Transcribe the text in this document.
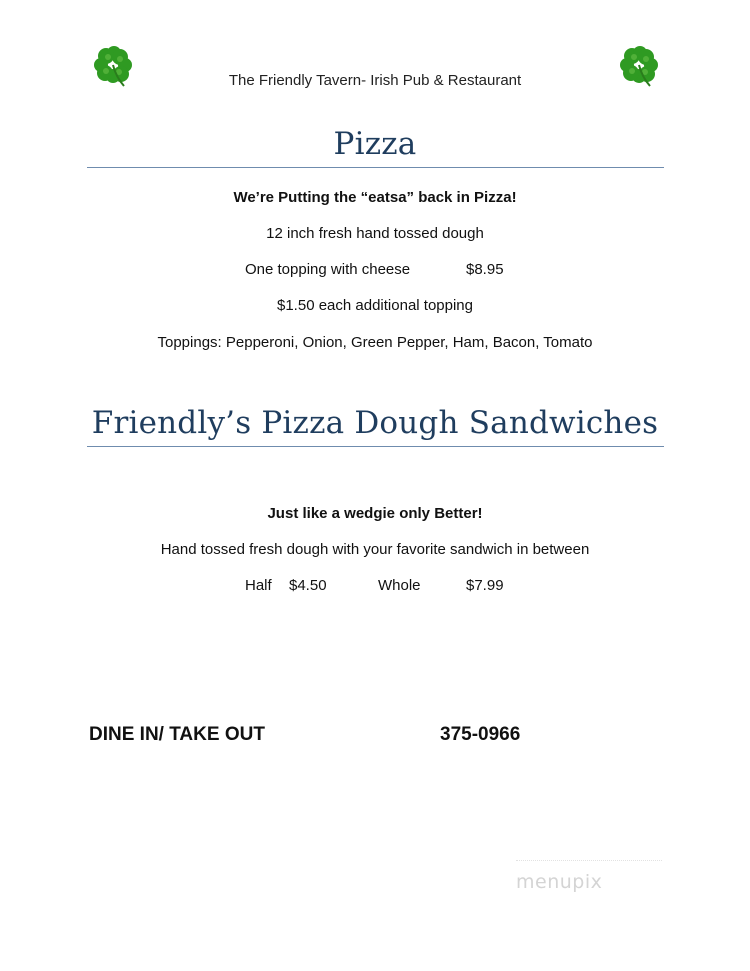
The Friendly Tavern- Irish Pub & Restaurant
Pizza
We’re Putting the “eatsa” back in Pizza!
12 inch fresh hand tossed dough
One topping with cheese	$8.95
$1.50 each additional topping
Toppings: Pepperoni, Onion, Green Pepper, Ham, Bacon, Tomato
Friendly’s Pizza Dough Sandwiches
Just like a wedgie only Better!
Hand tossed fresh dough with your favorite sandwich in between
Half $4.50	Whole	$7.99
DINE IN/ TAKE OUT	375-0966
menupix
